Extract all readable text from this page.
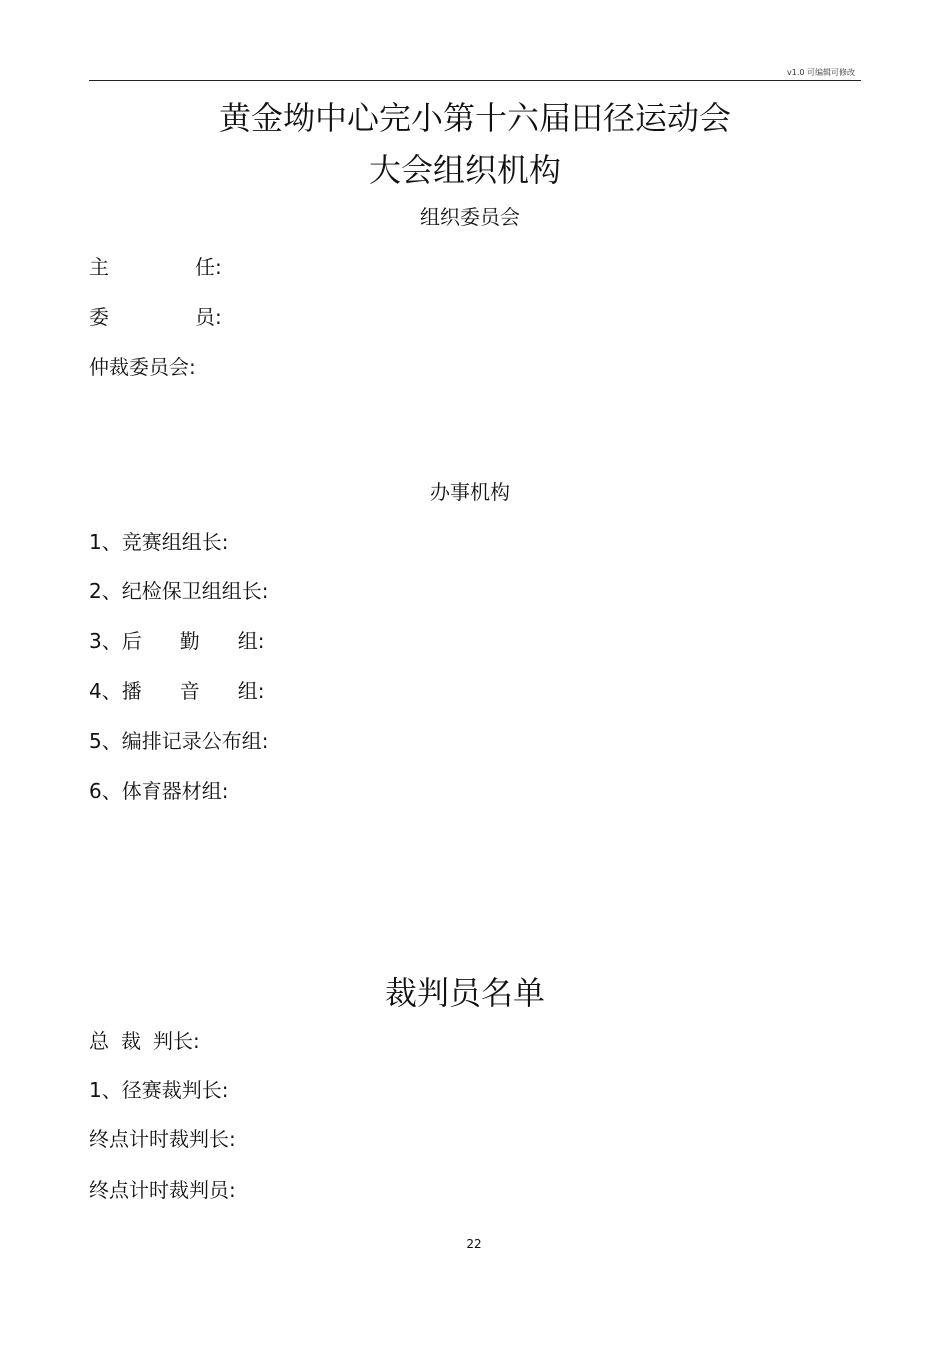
v1.0 可编辑可修改
黄金坳中心完小第十六届田径运动会
大会组织机构
组织委员会
主	任:
委	员:
仲裁委员会:
办事机构
1、竞赛组组长:
2、纪检保卫组组长:
3、后 勤 组:
4、播 音 组:
5、编排记录公布组:
6、体育器材组:
裁判员名单
总 裁 判长:
1、径赛裁判长:
终点计时裁判长:
终点计时裁判员:
22
